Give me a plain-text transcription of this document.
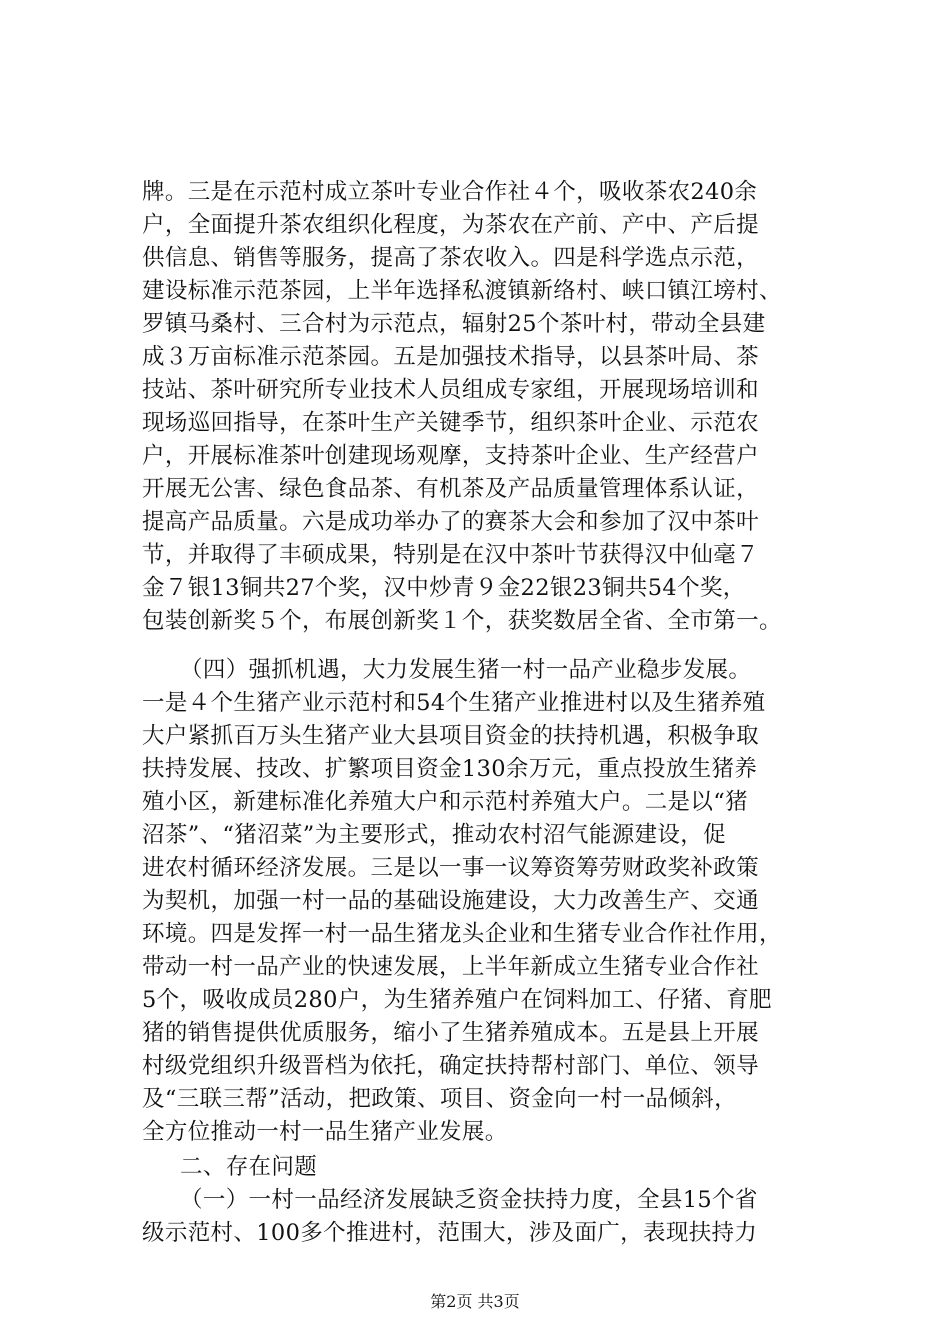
牌。三是在示范村成立茶叶专业合作社４个，吸收茶农240余
户，全面提升茶农组织化程度，为茶农在产前、产中、产后提
供信息、销售等服务，提高了茶农收入。四是科学选点示范，
建设标准示范茶园，上半年选择私渡镇新络村、峡口镇江塝村、
罗镇马桑村、三合村为示范点，辐射25个茶叶村，带动全县建
成３万亩标准示范茶园。五是加强技术指导，以县茶叶局、茶
技站、茶叶研究所专业技术人员组成专家组，开展现场培训和
现场巡回指导，在茶叶生产关键季节，组织茶叶企业、示范农
户，开展标准茶叶创建现场观摩，支持茶叶企业、生产经营户
开展无公害、绿色食品茶、有机茶及产品质量管理体系认证，
提高产品质量。六是成功举办了的赛茶大会和参加了汉中茶叶
节，并取得了丰硕成果，特别是在汉中茶叶节获得汉中仙毫７
金７银13铜共27个奖，汉中炒青９金22银23铜共54个奖，
包装创新奖５个，布展创新奖１个，获奖数居全省、全市第一。
（四）强抓机遇，大力发展生猪一村一品产业稳步发展。
一是４个生猪产业示范村和54个生猪产业推进村以及生猪养殖
大户紧抓百万头生猪产业大县项目资金的扶持机遇，积极争取
扶持发展、技改、扩繁项目资金130余万元，重点投放生猪养
殖小区，新建标准化养殖大户和示范村养殖大户。二是以“猪
沼茶”、“猪沼菜”为主要形式，推动农村沼气能源建设，促
进农村循环经济发展。三是以一事一议筹资筹劳财政奖补政策
为契机，加强一村一品的基础设施建设，大力改善生产、交通
环境。四是发挥一村一品生猪龙头企业和生猪专业合作社作用，
带动一村一品产业的快速发展，上半年新成立生猪专业合作社
5个，吸收成员280户，为生猪养殖户在饲料加工、仔猪、育肥
猪的销售提供优质服务，缩小了生猪养殖成本。五是县上开展
村级党组织升级晋档为依托，确定扶持帮村部门、单位、领导
及“三联三帮”活动，把政策、项目、资金向一村一品倾斜，
全方位推动一村一品生猪产业发展。
二、存在问题
（一）一村一品经济发展缺乏资金扶持力度，全县15个省
级示范村、100多个推进村，范围大，涉及面广，表现扶持力
第2页 共3页
